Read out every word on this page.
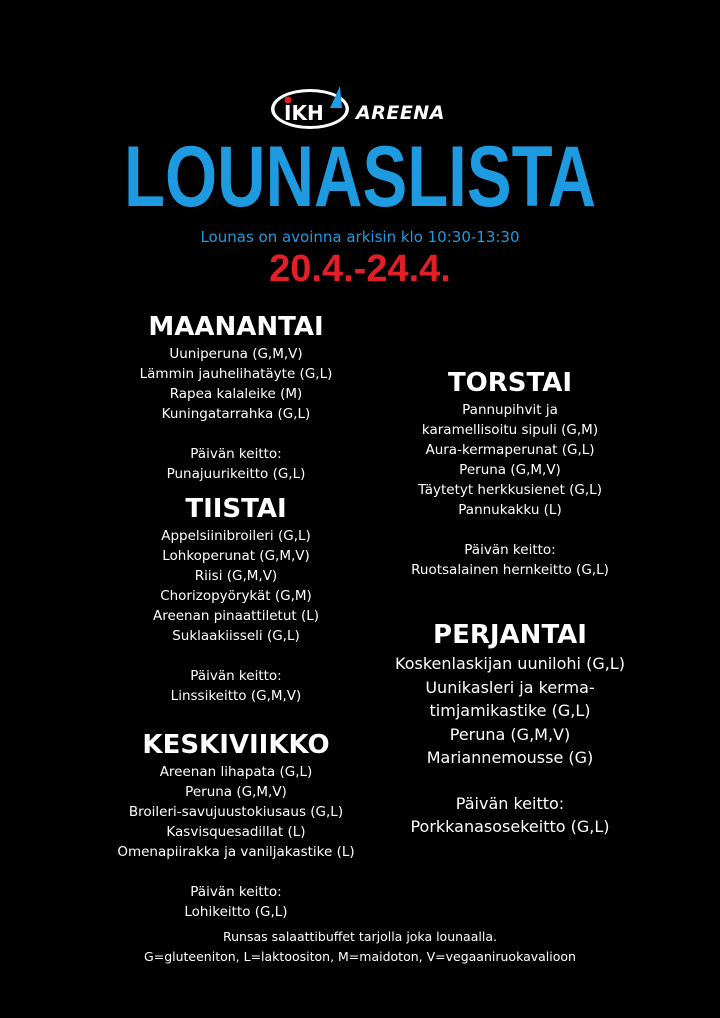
IKH AREENA
LOUNASLISTA
Lounas on avoinna arkisin klo 10:30-13:30
20.4.-24.4.
MAANANTAI
Uuniperuna (G,M,V)
Lämmin jauhelihatäyte (G,L)
Rapea kalaleike (M)
Kuningatarrahka (G,L)
Päivän keitto:
Punajuurikeitto (G,L)
TIISTAI
Appelsiinibroileri (G,L)
Lohkoperunat (G,M,V)
Riisi (G,M,V)
Chorizopyörykät (G,M)
Areenan pinaattiletut (L)
Suklaakiisseli (G,L)
Päivän keitto:
Linssikeitto (G,M,V)
KESKIVIIKKO
Areenan lihapata (G,L)
Peruna (G,M,V)
Broileri-savujuustokiusaus (G,L)
Kasvisquesadillat (L)
Omenapiirakka ja vaniljakastike (L)
Päivän keitto:
Lohikeitto (G,L)
TORSTAI
Pannupihvit ja
karamellisoitu sipuli (G,M)
Aura-kermaperunat (G,L)
Peruna (G,M,V)
Täytetyt herkkusienet (G,L)
Pannukakku (L)
Päivän keitto:
Ruotsalainen hernkeitto (G,L)
PERJANTAI
Koskenlaskijan uunilohi (G,L)
Uunikasleri ja kerma-
timjamikastike (G,L)
Peruna (G,M,V)
Mariannemousse (G)
Päivän keitto:
Porkkanasosekeitto (G,L)
Runsas salaattibuffet tarjolla joka lounaalla.
G=gluteeniton, L=laktoositon, M=maidoton, V=vegaaniruokavalioon
